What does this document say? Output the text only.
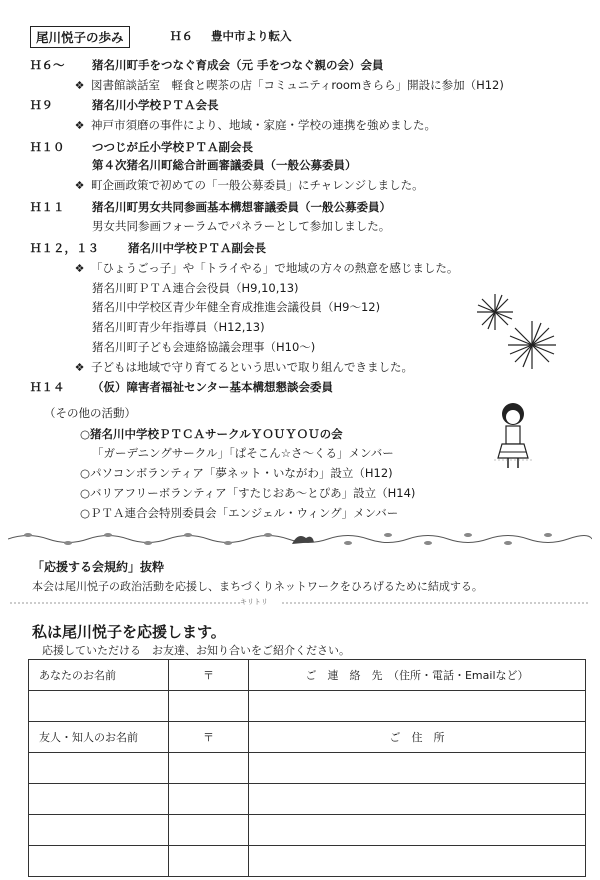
尾川悦子の歩み	Ｈ６ 豊中市より転入
Ｈ６～ 猪名川町手をつなぐ育成会（元 手をつなぐ親の会）会員
❖ 図書館談話室　軽食と喫茶の店「コミュニティroomきらら」開設に参加（H12)
Ｈ９	猪名川小学校ＰＴＡ会長
❖ 神戸市須磨の事件により、地域・家庭・学校の連携を強めました。
Ｈ１０ つつじが丘小学校ＰＴＡ副会長
第４次猪名川町総合計画審議委員（一般公募委員）
❖ 町企画政策で初めての「一般公募委員」にチャレンジしました。
Ｈ１１ 猪名川町男女共同参画基本構想審議委員（一般公募委員）
男女共同参画フォーラムでパネラーとして参加しました。
Ｈ１２，１３	猪名川中学校ＰＴＡ副会長
❖ 「ひょうごっ子」や「トライやる」で地域の方々の熱意を感じました。
猪名川町ＰＴＡ連合会役員（H9,10,13)
猪名川中学校区青少年健全育成推進会議役員（H9～12)
猪名川町青少年指導員（H12,13)
猪名川町子ども会連絡協議会理事（H10～)
❖ 子どもは地域で守り育てるという思いで取り組んできました。
Ｈ１４ （仮）障害者福祉センター基本構想懇談会委員
（その他の活動）
○猪名川中学校ＰＴＣＡサークルＹＯＵＹＯＵの会
「ガーデニングサークル」「ぱそこん☆さ～くる」メンバー
○パソコンボランティア「夢ネット・いながわ」設立（H12)
○バリアフリーボランティア「すたじおあ～とぴあ」設立（H14)
○ＰＴＡ連合会特別委員会「エンジェル・ウィング」メンバー
「応援する会規約」抜粋
本会は尾川悦子の政治活動を応援し、まちづくりネットワークをひろげるために結成する。
キリトリ
私は尾川悦子を応援します。
応援していただける　お友達、お知り合いをご紹介ください。
あなたのお名前	〒	ご　連　絡　先　（住所・電話・Emailなど）

友人・知人のお名前	〒	ご　住　所
